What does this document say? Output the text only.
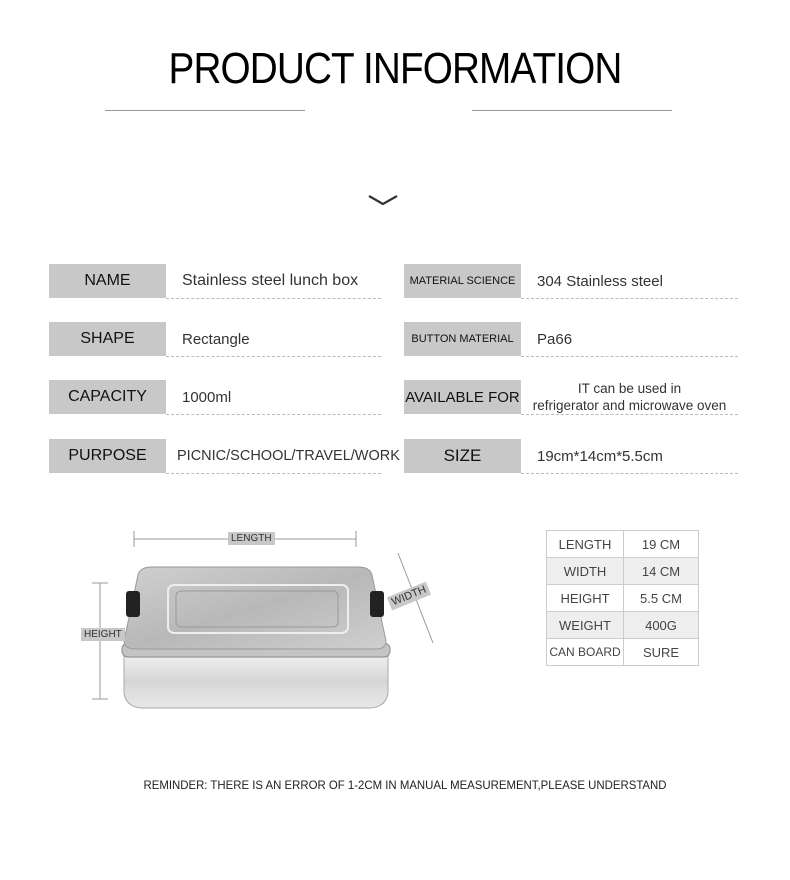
PRODUCT INFORMATION
NAME	Stainless steel lunch box
SHAPE	Rectangle
CAPACITY	1000ml
PURPOSE	PICNIC/SCHOOL/TRAVEL/WORK
MATERIAL SCIENCE	304 Stainless steel
BUTTON MATERIAL	Pa66
AVAILABLE FOR	IT can be used in
refrigerator and microwave oven
SIZE	19cm*14cm*5.5cm
LENGTH
HEIGHT
WIDTH
LENGTH	19 CM
WIDTH	14 CM
HEIGHT	5.5 CM
WEIGHT	400G
CAN BOARD	SURE
REMINDER: THERE IS AN ERROR OF 1-2CM IN MANUAL MEASUREMENT,PLEASE UNDERSTAND
